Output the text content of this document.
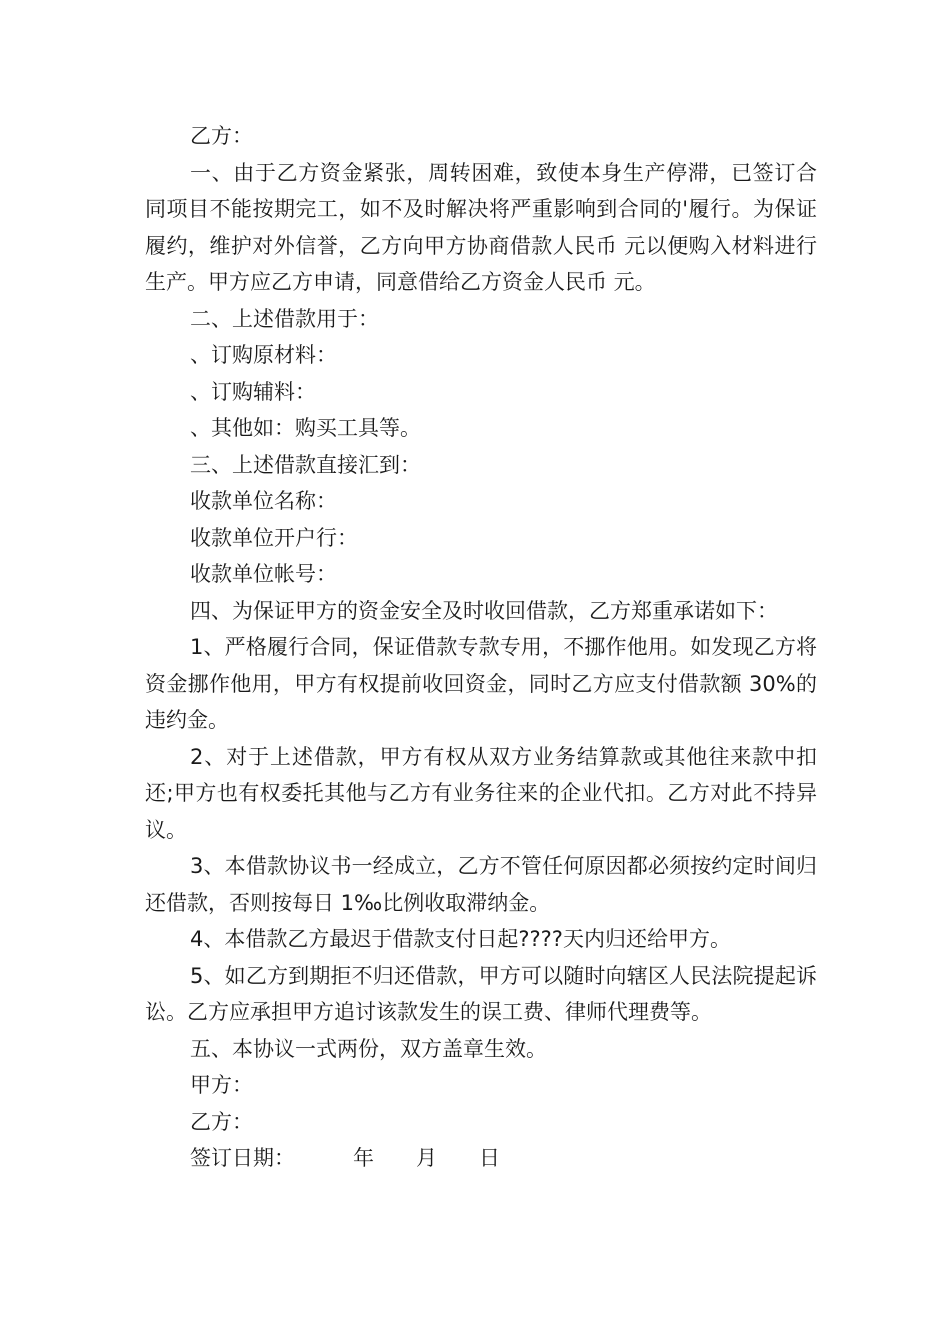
乙方：

一、由于乙方资金紧张，周转困难，致使本身生产停滞，已签订合同项目不能按期完工，如不及时解决将严重影响到合同的'履行。为保证履约，维护对外信誉，乙方向甲方协商借款人民币 元以便购入材料进行生产。甲方应乙方申请，同意借给乙方资金人民币 元。

二、上述借款用于：

、订购原材料：

、订购辅料：

、其他如：购买工具等。

三、上述借款直接汇到：

收款单位名称：

收款单位开户行：

收款单位帐号：

四、为保证甲方的资金安全及时收回借款，乙方郑重承诺如下：

1、严格履行合同，保证借款专款专用，不挪作他用。如发现乙方将资金挪作他用，甲方有权提前收回资金，同时乙方应支付借款额 30%的违约金。

2、对于上述借款，甲方有权从双方业务结算款或其他往来款中扣还;甲方也有权委托其他与乙方有业务往来的企业代扣。乙方对此不持异议。

3、本借款协议书一经成立，乙方不管任何原因都必须按约定时间归还借款，否则按每日 1‰比例收取滞纳金。

4、本借款乙方最迟于借款支付日起????天内归还给甲方。

5、如乙方到期拒不归还借款，甲方可以随时向辖区人民法院提起诉讼。乙方应承担甲方追讨该款发生的误工费、律师代理费等。

五、本协议一式两份，双方盖章生效。

甲方：

乙方：

签订日期：	年 月 日
